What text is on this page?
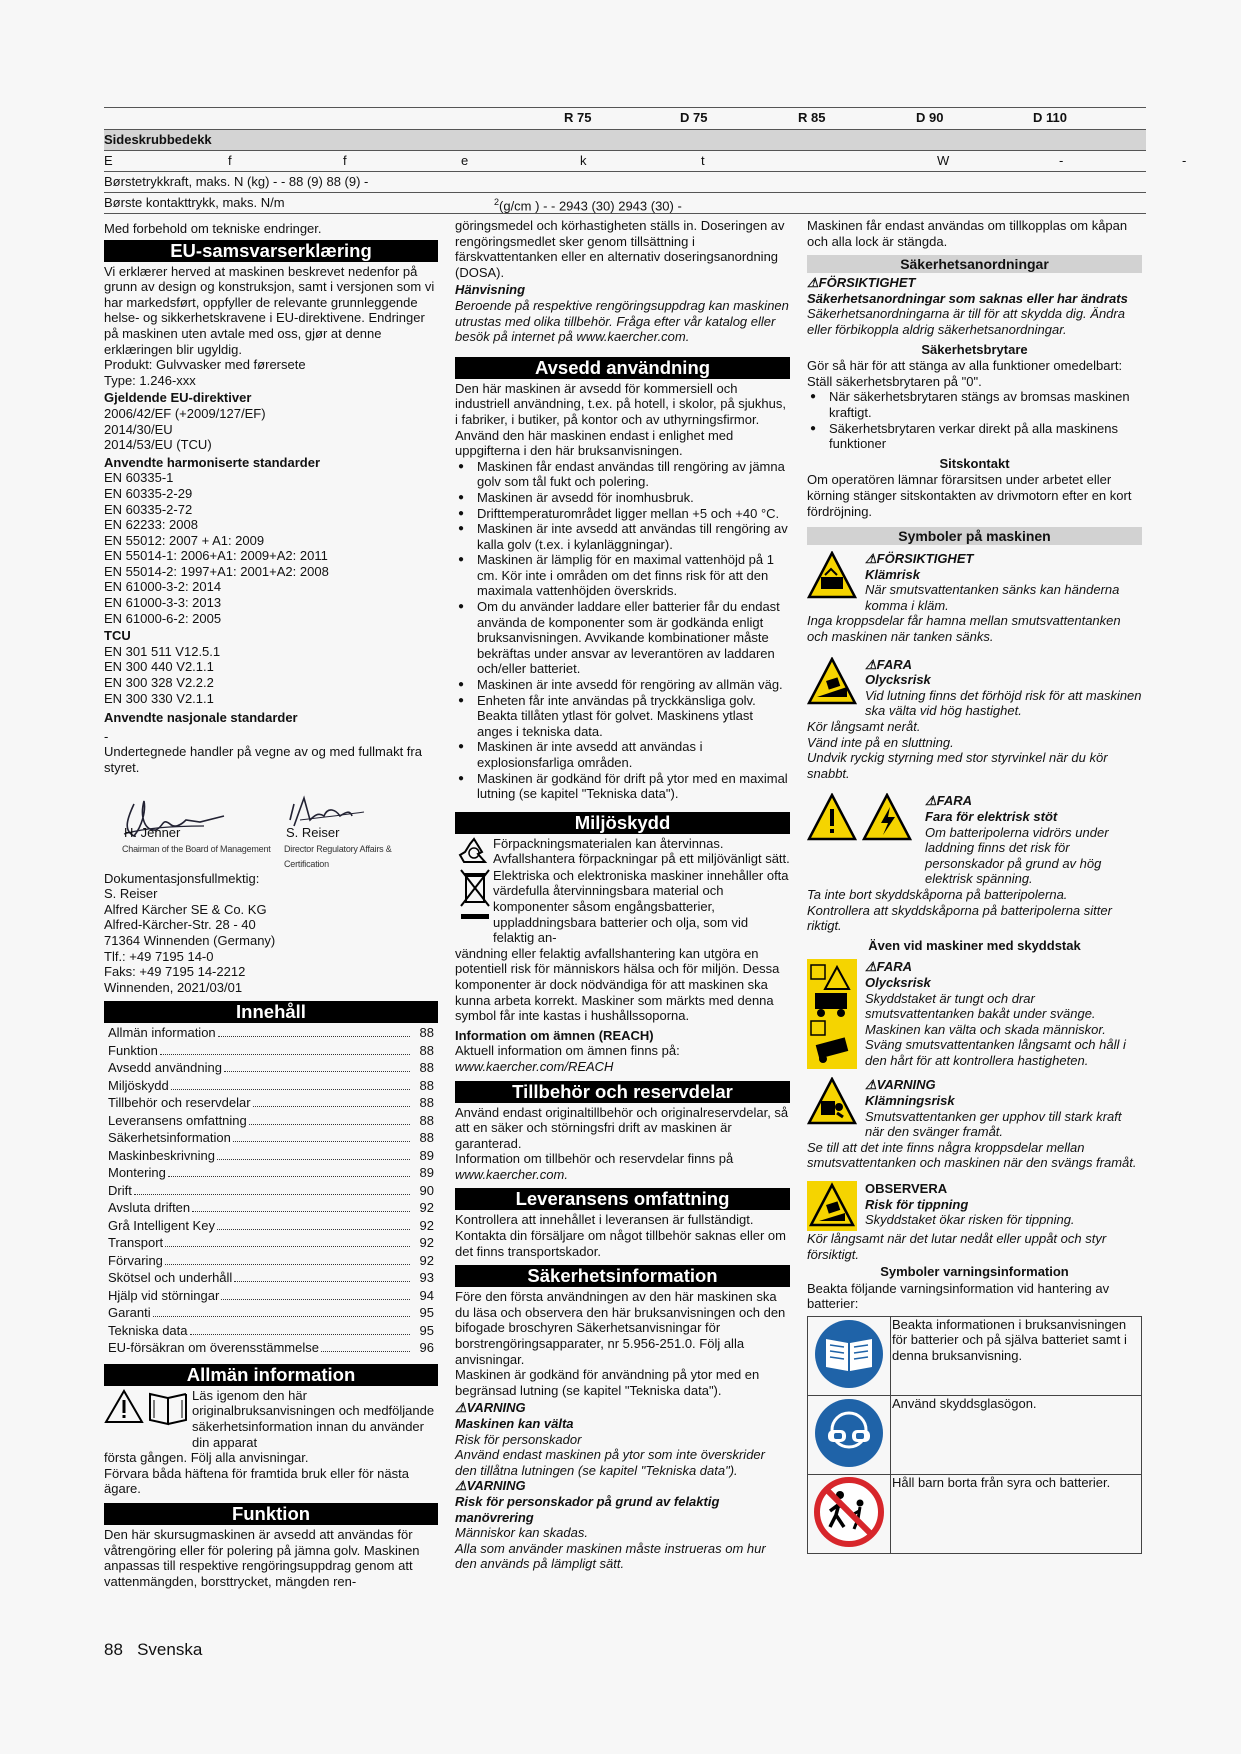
R 75	D 75	R 85	D 90	D 110
Sideskrubbedekk
E	f	f	e	k	t	W	-	-
Børstetrykkraft, maks. N (kg) - - 88 (9) 88 (9) -
Børste kontakttrykk, maks. N/m	$^2$(g/cm ) - - 2943 (30) 2943 (30) -

Med forbehold om tekniske endringer.

EU-samsvarserklæring

Vi erklærer herved at maskinen beskrevet nedenfor på grunn av design og konstruksjon, samt i versjonen som vi har markedsført, oppfyller de relevante grunnleggende helse- og sikkerhetskravene i EU-direktivene. Endringer på maskinen uten avtale med oss, gjør at denne erklæringen blir ugyldig.

Produkt: Gulvvasker med førersete

Type: 1.246-xxx

Gjeldende EU-direktiver

2006/42/EF (+2009/127/EF)

2014/30/EU

2014/53/EU (TCU)

Anvendte harmoniserte standarder

EN 60335-1

EN 60335-2-29

EN 60335-2-72

EN 62233: 2008

EN 55012: 2007 + A1: 2009

EN 55014-1: 2006+A1: 2009+A2: 2011

EN 55014-2: 1997+A1: 2001+A2: 2008

EN 61000-3-2: 2014

EN 61000-3-3: 2013

EN 61000-6-2: 2005

TCU

EN 301 511 V12.5.1

EN 300 440 V2.1.1

EN 300 328 V2.2.2

EN 300 330 V2.1.1

Anvendte nasjonale standarder

-

Undertegnede handler på vegne av og med fullmakt fra styret.

H. Jenner
Chairman of the Board of Management
S. Reiser
Director Regulatory Affairs & Certification

Dokumentasjonsfullmektig:

S. Reiser

Alfred Kärcher SE & Co. KG

Alfred-Kärcher-Str. 28 - 40

71364 Winnenden (Germany)

Tlf.: +49 7195 14-0

Faks: +49 7195 14-2212

Winnenden, 2021/03/01

Innehåll
Allmän information	88
Funktion	88
Avsedd användning	88
Miljöskydd	88
Tillbehör och reservdelar	88
Leveransens omfattning	88
Säkerhetsinformation	88
Maskinbeskrivning	89
Montering	89
Drift	90
Avsluta driften	92
Grå Intelligent Key	92
Transport	92
Förvaring	92
Skötsel och underhåll	93
Hjälp vid störningar	94
Garanti	95
Tekniska data	95
EU-försäkran om överensstämmelse	96
Allmän information

Läs igenom den här originalbruksanvisningen och medföljande säkerhetsinformation innan du använder din apparat

första gången. Följ alla anvisningar.

Förvara båda häftena för framtida bruk eller för nästa ägare.

Funktion

Den här skursugmaskinen är avsedd att användas för våtrengöring eller för polering på jämna golv. Maskinen anpassas till respektive rengöringsuppdrag genom att vattenmängden, borsttrycket, mängden ren-

göringsmedel och körhastigheten ställs in. Doseringen av rengöringsmedlet sker genom tillsättning i färskvattentanken eller en alternativ doseringsanordning (DOSA).

Hänvisning

Beroende på respektive rengöringsuppdrag kan maskinen utrustas med olika tillbehör. Fråga efter vår katalog eller besök på internet på www.kaercher.com.

Avsedd användning

Den här maskinen är avsedd för kommersiell och industriell användning, t.ex. på hotell, i skolor, på sjukhus, i fabriker, i butiker, på kontor och av uthyrningsfirmor. Använd den här maskinen endast i enlighet med uppgifterna i den här bruksanvisningen.

● Maskinen får endast användas till rengöring av jämna golv som tål fukt och polering.
● Maskinen är avsedd för inomhusbruk.
● Drifttemperaturområdet ligger mellan +5 och +40 °C.
● Maskinen är inte avsedd att användas till rengöring av kalla golv (t.ex. i kylanläggningar).
● Maskinen är lämplig för en maximal vattenhöjd på 1 cm. Kör inte i områden om det finns risk för att den maximala vattenhöjden överskrids.
● Om du använder laddare eller batterier får du endast använda de komponenter som är godkända enligt bruksanvisningen. Avvikande kombinationer måste bekräftas under ansvar av leverantören av laddaren och/eller batteriet.
● Maskinen är inte avsedd för rengöring av allmän väg.
● Enheten får inte användas på tryckkänsliga golv. Beakta tillåten ytlast för golvet. Maskinens ytlast anges i tekniska data.
● Maskinen är inte avsedd att användas i explosionsfarliga områden.
● Maskinen är godkänd för drift på ytor med en maximal lutning (se kapitel "Tekniska data").
Miljöskydd

Förpackningsmaterialen kan återvinnas. Avfallshantera förpackningar på ett miljövänligt sätt.

Elektriska och elektroniska maskiner innehåller ofta värdefulla återvinningsbara material och komponenter såsom engångsbatterier, uppladdningsbara batterier och olja, som vid felaktig an-

vändning eller felaktig avfallshantering kan utgöra en potentiell risk för människors hälsa och för miljön. Dessa komponenter är dock nödvändiga för att maskinen ska kunna arbeta korrekt. Maskiner som märkts med denna symbol får inte kastas i hushållssoporna.

Information om ämnen (REACH)

Aktuell information om ämnen finns på: www.kaercher.com/REACH

Tillbehör och reservdelar

Använd endast originaltillbehör och originalreservdelar, så att en säker och störningsfri drift av maskinen är garanterad.

Information om tillbehör och reservdelar finns på www.kaercher.com.

Leveransens omfattning

Kontrollera att innehållet i leveransen är fullständigt. Kontakta din försäljare om något tillbehör saknas eller om det finns transportskador.

Säkerhetsinformation

Före den första användningen av den här maskinen ska du läsa och observera den här bruksanvisningen och den bifogade broschyren Säkerhetsanvisningar för borstrengöringsapparater, nr 5.956-251.0. Följ alla anvisningar.

Maskinen är godkänd för användning på ytor med en begränsad lutning (se kapitel "Tekniska data").

⚠VARNING

Maskinen kan välta

Risk för personskador

Använd endast maskinen på ytor som inte överskrider den tillåtna lutningen (se kapitel "Tekniska data").

⚠VARNING

Risk för personskador på grund av felaktig manövrering

Människor kan skadas.

Alla som använder maskinen måste instrueras om hur den används på lämpligt sätt.

Maskinen får endast användas om tillkopplas om kåpan och alla lock är stängda.

Säkerhetsanordningar

⚠FÖRSIKTIGHET

Säkerhetsanordningar som saknas eller har ändrats

Säkerhetsanordningarna är till för att skydda dig. Ändra eller förbikoppla aldrig säkerhetsanordningar.

Säkerhetsbrytare

Gör så här för att stänga av alla funktioner omedelbart: Ställ säkerhetsbrytaren på "0".

● När säkerhetsbrytaren stängs av bromsas maskinen kraftigt.
● Säkerhetsbrytaren verkar direkt på alla maskinens funktioner
Sitskontakt

Om operatören lämnar förarsitsen under arbetet eller körning stänger sitskontakten av drivmotorn efter en kort fördröjning.

Symboler på maskinen

⚠FÖRSIKTIGHET

Klämrisk

När smutsvattentanken sänks kan händerna komma i kläm.

Inga kroppsdelar får hamna mellan smutsvattentanken och maskinen när tanken sänks.

⚠FARA

Olycksrisk

Vid lutning finns det förhöjd risk för att maskinen ska välta vid hög hastighet.

Kör långsamt neråt.

Vänd inte på en sluttning.

Undvik ryckig styrning med stor styrvinkel när du kör snabbt.

⚠FARA

Fara för elektrisk stöt

Om batteripolerna vidrörs under laddning finns det risk för personskador på grund av hög elektrisk spänning.

Ta inte bort skyddskåporna på batteripolerna.

Kontrollera att skyddskåporna på batteripolerna sitter riktigt.

Även vid maskiner med skyddstak

⚠FARA

Olycksrisk

Skyddstaket är tungt och drar smutsvattentanken bakåt under svänge.

Maskinen kan välta och skada människor.

Sväng smutsvattentanken långsamt och håll i den hårt för att kontrollera hastigheten.

⚠VARNING

Klämningsrisk

Smutsvattentanken ger upphov till stark kraft när den svänger framåt.

Se till att det inte finns några kroppsdelar mellan smutsvattentanken och maskinen när den svängs framåt.

OBSERVERA

Risk för tippning

Skyddstaket ökar risken för tippning.

Kör långsamt när det lutar nedåt eller uppåt och styr försiktigt.

Symboler varningsinformation

Beakta följande varningsinformation vid hantering av batterier:

	Beakta informationen i bruksanvisningen för batterier och på själva batteriet samt i denna bruksanvisning.
	Använd skyddsglasögon.
	Håll barn borta från syra och batterier.
88 Svenska
